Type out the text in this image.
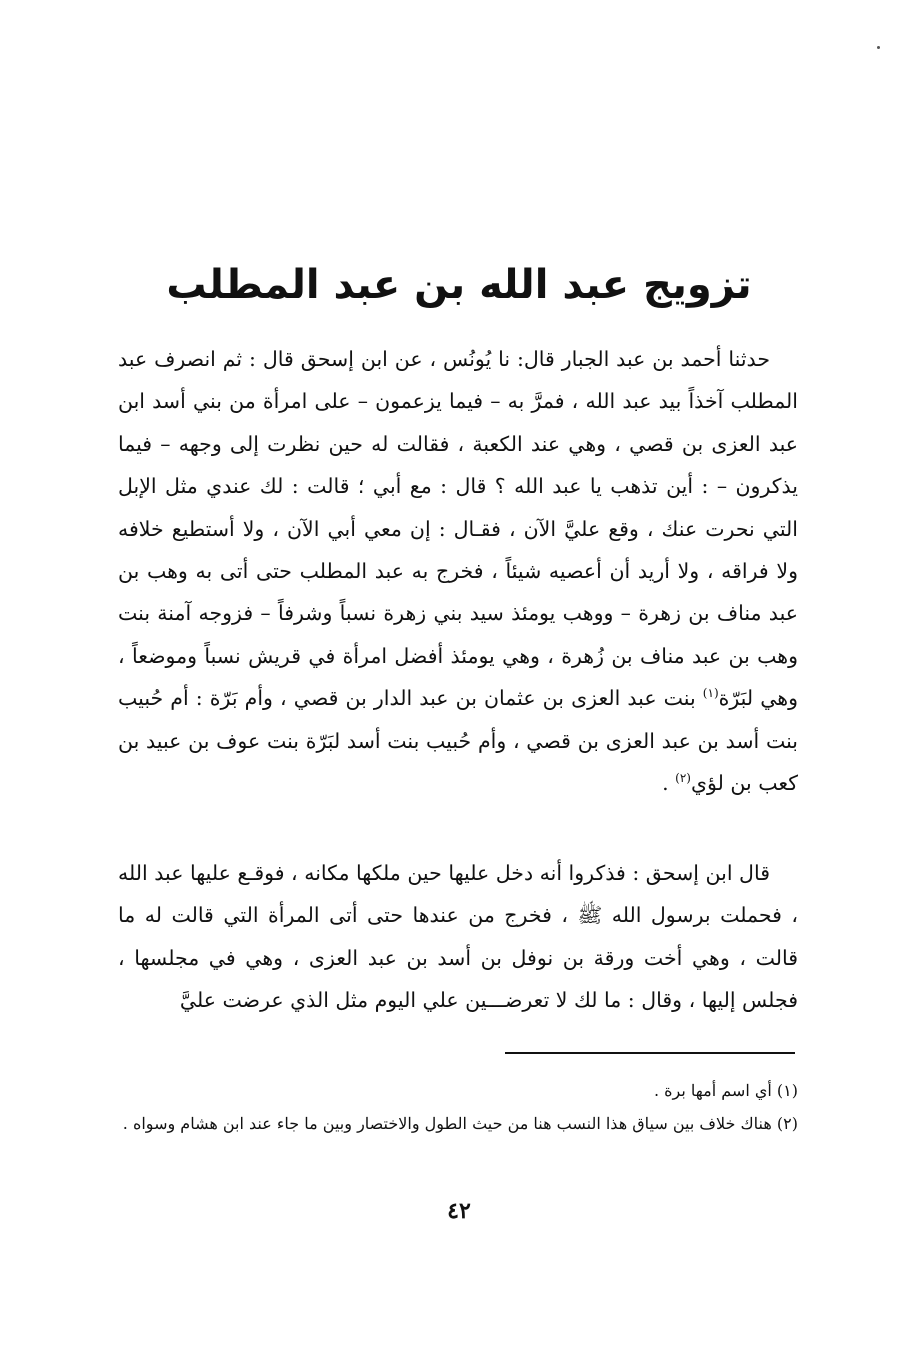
تزويج عبد الله بن عبد المطلب

حدثنا أحمد بن عبد الجبار قال: نا يُونُس ، عن ابن إسحق قال : ثم انصرف عبد المطلب آخذاً بيد عبد الله ، فمرَّ به – فيما يزعمون – على امرأة من بني أسد ابن عبد العزى بن قصي ، وهي عند الكعبة ، فقالت له حين نظرت إلى وجهه – فيما يذكرون – : أين تذهب يا عبد الله ؟ قال : مع أبي ؛ قالت : لك عندي مثل الإبل التي نحرت عنك ، وقع عليَّ الآن ، فقـال : إن معي أبي الآن ، ولا أستطيع خلافه ولا فراقه ، ولا أريد أن أعصيه شيئاً ، فخرج به عبد المطلب حتى أتى به وهب بن عبد مناف بن زهرة – ووهب يومئذ سيد بني زهرة نسباً وشرفاً – فزوجه آمنة بنت وهب بن عبد مناف بن زُهرة ، وهي يومئذ أفضل امرأة في قريش نسباً وموضعاً ، وهي لبَرّة$^{(١)}$ بنت عبد العزى بن عثمان بن عبد الدار بن قصي ، وأم بَرّة : أم حُبيب بنت أسد بن عبد العزى بن قصي ، وأم حُبيب بنت أسد لبَرّة بنت عوف بن عبيد بن كعب بن لؤي$^{(٢)}$ .

قال ابن إسحق : فذكروا أنه دخل عليها حين ملكها مكانه ، فوقـع عليها عبد الله ، فحملت برسول الله ﷺ ، فخرج من عندها حتى أتى المرأة التي قالت له ما قالت ، وهي أخت ورقة بن نوفل بن أسد بن عبد العزى ، وهي في مجلسها ، فجلس إليها ، وقال : ما لك لا تعرضـــين علي اليوم مثل الذي عرضت عليَّ

(١) أي اسم أمها برة .

(٢) هناك خلاف بين سياق هذا النسب هنا من حيث الطول والاختصار وبين ما جاء عند ابن هشام وسواه .

٤٢
